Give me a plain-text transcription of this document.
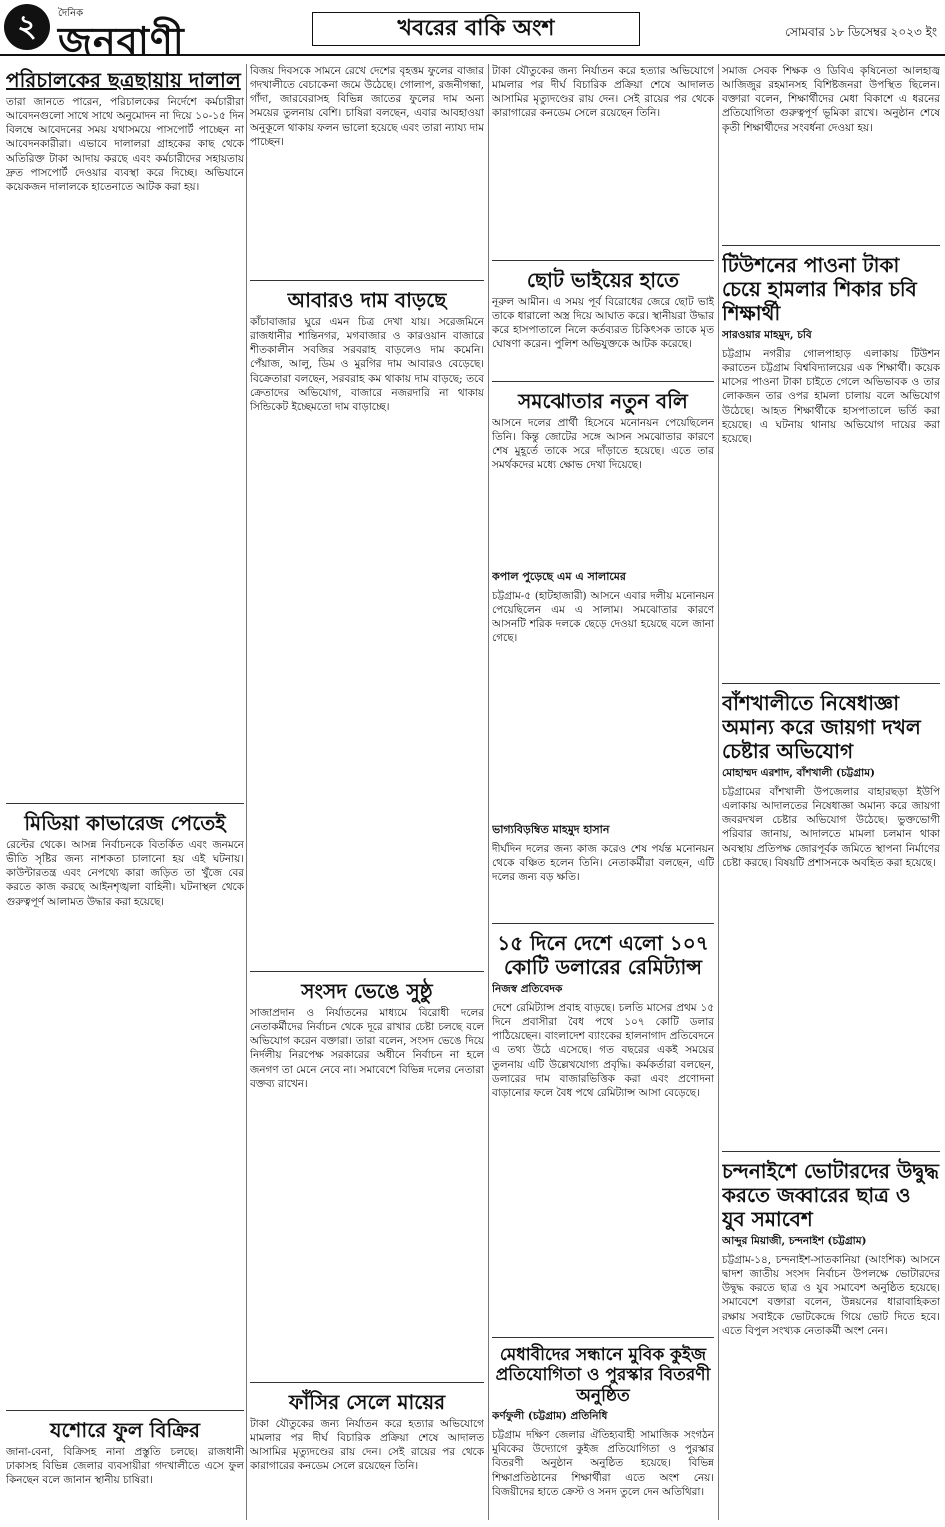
২	দৈনিক
জনবাণী	খবরের বাকি অংশ	সোমবার ১৮ ডিসেম্বর ২০২৩ ইং
পরিচালকের ছত্রছায়ায় দালাল
তারা জানতে পারেন, পরিচালকের নির্দেশে কর্মচারীরা আবেদনগুলো সাথে সাথে অনুমোদন না দিয়ে ১০-১৫ দিন বিলম্বে আবেদনের সময় যথাসময়ে পাসপোর্ট পাচ্ছেন না আবেদনকারীরা। এভাবে দালালরা গ্রাহকের কাছ থেকে অতিরিক্ত টাকা আদায় করছে এবং কর্মচারীদের সহায়তায় দ্রুত পাসপোর্ট দেওয়ার ব্যবস্থা করে দিচ্ছে। অভিযানে কয়েকজন দালালকে হাতেনাতে আটক করা হয়।
মিডিয়া কাভারেজ পেতেই
রেল্টের থেকে। আসন্ন নির্বাচনকে বিতর্কিত এবং জনমনে ভীতি সৃষ্টির জন্য নাশকতা চালানো হয় এই ঘটনায়। কাউন্টারতন্ত্র এবং নেপথ্যে কারা জড়িত তা খুঁজে বের করতে কাজ করছে আইনশৃঙ্খলা বাহিনী। ঘটনাস্থল থেকে গুরুত্বপূর্ণ আলামত উদ্ধার করা হয়েছে।
যশোরে ফুল বিক্রির
জানা-বেনা, বিক্রিসহ নানা প্রস্তুতি চলছে। রাজধানী ঢাকাসহ বিভিন্ন জেলার ব্যবসায়ীরা গদখালীতে এসে ফুল কিনছেন বলে জানান স্থানীয় চাষিরা।
বিজয় দিবসকে সামনে রেখে দেশের বৃহত্তম ফুলের বাজার গদখালীতে বেচাকেনা জমে উঠেছে। গোলাপ, রজনীগন্ধা, গাঁদা, জারবেরাসহ বিভিন্ন জাতের ফুলের দাম অন্য সময়ের তুলনায় বেশি। চাষিরা বলছেন, এবার আবহাওয়া অনুকূলে থাকায় ফলন ভালো হয়েছে এবং তারা ন্যায্য দাম পাচ্ছেন।
আবারও দাম বাড়ছে
কাঁচাবাজার ঘুরে এমন চিত্র দেখা যায়। সরেজমিনে রাজধানীর শান্তিনগর, মগবাজার ও কারওয়ান বাজারে শীতকালীন সবজির সরবরাহ বাড়লেও দাম কমেনি। পেঁয়াজ, আলু, ডিম ও মুরগির দাম আবারও বেড়েছে। বিক্রেতারা বলছেন, সরবরাহ কম থাকায় দাম বাড়ছে; তবে ক্রেতাদের অভিযোগ, বাজারে নজরদারি না থাকায় সিন্ডিকেট ইচ্ছেমতো দাম বাড়াচ্ছে।
সংসদ ভেঙে সুষ্ঠু
সাজাপ্রদান ও নির্যাতনের মাধ্যমে বিরোধী দলের নেতাকর্মীদের নির্বাচন থেকে দূরে রাখার চেষ্টা চলছে বলে অভিযোগ করেন বক্তারা। তারা বলেন, সংসদ ভেঙে দিয়ে নির্দলীয় নিরপেক্ষ সরকারের অধীনে নির্বাচন না হলে জনগণ তা মেনে নেবে না। সমাবেশে বিভিন্ন দলের নেতারা বক্তব্য রাখেন।
ফাঁসির সেলে মায়ের
টাকা যৌতুকের জন্য নির্যাতন করে হত্যার অভিযোগে মামলার পর দীর্ঘ বিচারিক প্রক্রিয়া শেষে আদালত আসামির মৃত্যুদণ্ডের রায় দেন। সেই রায়ের পর থেকে কারাগারের কনডেম সেলে রয়েছেন তিনি।
টাকা যৌতুকের জন্য নির্যাতন করে হত্যার অভিযোগে মামলার পর দীর্ঘ বিচারিক প্রক্রিয়া শেষে আদালত আসামির মৃত্যুদণ্ডের রায় দেন। সেই রায়ের পর থেকে কারাগারের কনডেম সেলে রয়েছেন তিনি।
ছোট ভাইয়ের হাতে
নূরুল আমীন। এ সময় পূর্ব বিরোধের জেরে ছোট ভাই তাকে ধারালো অস্ত্র দিয়ে আঘাত করে। স্থানীয়রা উদ্ধার করে হাসপাতালে নিলে কর্তব্যরত চিকিৎসক তাকে মৃত ঘোষণা করেন। পুলিশ অভিযুক্তকে আটক করেছে।
সমঝোতার নতুন বলি
আসনে দলের প্রার্থী হিসেবে মনোনয়ন পেয়েছিলেন তিনি। কিন্তু জোটের সঙ্গে আসন সমঝোতার কারণে শেষ মুহূর্তে তাকে সরে দাঁড়াতে হয়েছে। এতে তার সমর্থকদের মধ্যে ক্ষোভ দেখা দিয়েছে।
কপাল পুড়েছে এম এ সালামের
চট্টগ্রাম-৫ (হাটহাজারী) আসনে এবার দলীয় মনোনয়ন পেয়েছিলেন এম এ সালাম। সমঝোতার কারণে আসনটি শরিক দলকে ছেড়ে দেওয়া হয়েছে বলে জানা গেছে।
ভাগ্যবিড়ম্বিত মাহমুদ হাসান
দীর্ঘদিন দলের জন্য কাজ করেও শেষ পর্যন্ত মনোনয়ন থেকে বঞ্চিত হলেন তিনি। নেতাকর্মীরা বলছেন, এটি দলের জন্য বড় ক্ষতি।
১৫ দিনে দেশে এলো ১০৭ কোটি ডলারের রেমিট্যান্স
নিজস্ব প্রতিবেদক
দেশে রেমিট্যান্স প্রবাহ বাড়ছে। চলতি মাসের প্রথম ১৫ দিনে প্রবাসীরা বৈধ পথে ১০৭ কোটি ডলার পাঠিয়েছেন। বাংলাদেশ ব্যাংকের হালনাগাদ প্রতিবেদনে এ তথ্য উঠে এসেছে। গত বছরের একই সময়ের তুলনায় এটি উল্লেখযোগ্য প্রবৃদ্ধি। কর্মকর্তারা বলছেন, ডলারের দাম বাজারভিত্তিক করা এবং প্রণোদনা বাড়ানোর ফলে বৈধ পথে রেমিট্যান্স আসা বেড়েছে।
মেধাবীদের সন্ধানে মুবিক কুইজ প্রতিযোগিতা ও পুরস্কার বিতরণী অনুষ্ঠিত
কর্ণফুলী (চট্টগ্রাম) প্রতিনিধি
চট্টগ্রাম দক্ষিণ জেলার ঐতিহ্যবাহী সামাজিক সংগঠন মুবিকের উদ্যোগে কুইজ প্রতিযোগিতা ও পুরস্কার বিতরণী অনুষ্ঠান অনুষ্ঠিত হয়েছে। বিভিন্ন শিক্ষাপ্রতিষ্ঠানের শিক্ষার্থীরা এতে অংশ নেয়। বিজয়ীদের হাতে ক্রেস্ট ও সনদ তুলে দেন অতিথিরা।
সমাজ সেবক শিক্ষক ও ডিবিএ কৃষিনেতা আলহাজ্ব আজিজুর রহমানসহ বিশিষ্টজনরা উপস্থিত ছিলেন। বক্তারা বলেন, শিক্ষার্থীদের মেধা বিকাশে এ ধরনের প্রতিযোগিতা গুরুত্বপূর্ণ ভূমিকা রাখে। অনুষ্ঠান শেষে কৃতী শিক্ষার্থীদের সংবর্ধনা দেওয়া হয়।
টিউশনের পাওনা টাকা চেয়ে হামলার শিকার চবি শিক্ষার্থী
সারওয়ার মাহমুদ, চবি
চট্টগ্রাম নগরীর গোলপাহাড় এলাকায় টিউশন করাতেন চট্টগ্রাম বিশ্ববিদ্যালয়ের এক শিক্ষার্থী। কয়েক মাসের পাওনা টাকা চাইতে গেলে অভিভাবক ও তার লোকজন তার ওপর হামলা চালায় বলে অভিযোগ উঠেছে। আহত শিক্ষার্থীকে হাসপাতালে ভর্তি করা হয়েছে। এ ঘটনায় থানায় অভিযোগ দায়ের করা হয়েছে।
বাঁশখালীতে নিষেধাজ্ঞা অমান্য করে জায়গা দখল চেষ্টার অভিযোগ
মোহাম্মদ এরশাদ, বাঁশখালী (চট্টগ্রাম)
চট্টগ্রামের বাঁশখালী উপজেলার বাহারছড়া ইউপি এলাকায় আদালতের নিষেধাজ্ঞা অমান্য করে জায়গা জবরদখল চেষ্টার অভিযোগ উঠেছে। ভুক্তভোগী পরিবার জানায়, আদালতে মামলা চলমান থাকা অবস্থায় প্রতিপক্ষ জোরপূর্বক জমিতে স্থাপনা নির্মাণের চেষ্টা করছে। বিষয়টি প্রশাসনকে অবহিত করা হয়েছে।
চন্দনাইশে ভোটারদের উদ্বুদ্ধ করতে জব্বারের ছাত্র ও যুব সমাবেশ
আব্দুর মিয়াজী, চন্দনাইশ (চট্টগ্রাম)
চট্টগ্রাম-১৪, চন্দনাইশ-সাতকানিয়া (আংশিক) আসনে দ্বাদশ জাতীয় সংসদ নির্বাচন উপলক্ষে ভোটারদের উদ্বুদ্ধ করতে ছাত্র ও যুব সমাবেশ অনুষ্ঠিত হয়েছে। সমাবেশে বক্তারা বলেন, উন্নয়নের ধারাবাহিকতা রক্ষায় সবাইকে ভোটকেন্দ্রে গিয়ে ভোট দিতে হবে। এতে বিপুল সংখ্যক নেতাকর্মী অংশ নেন।
